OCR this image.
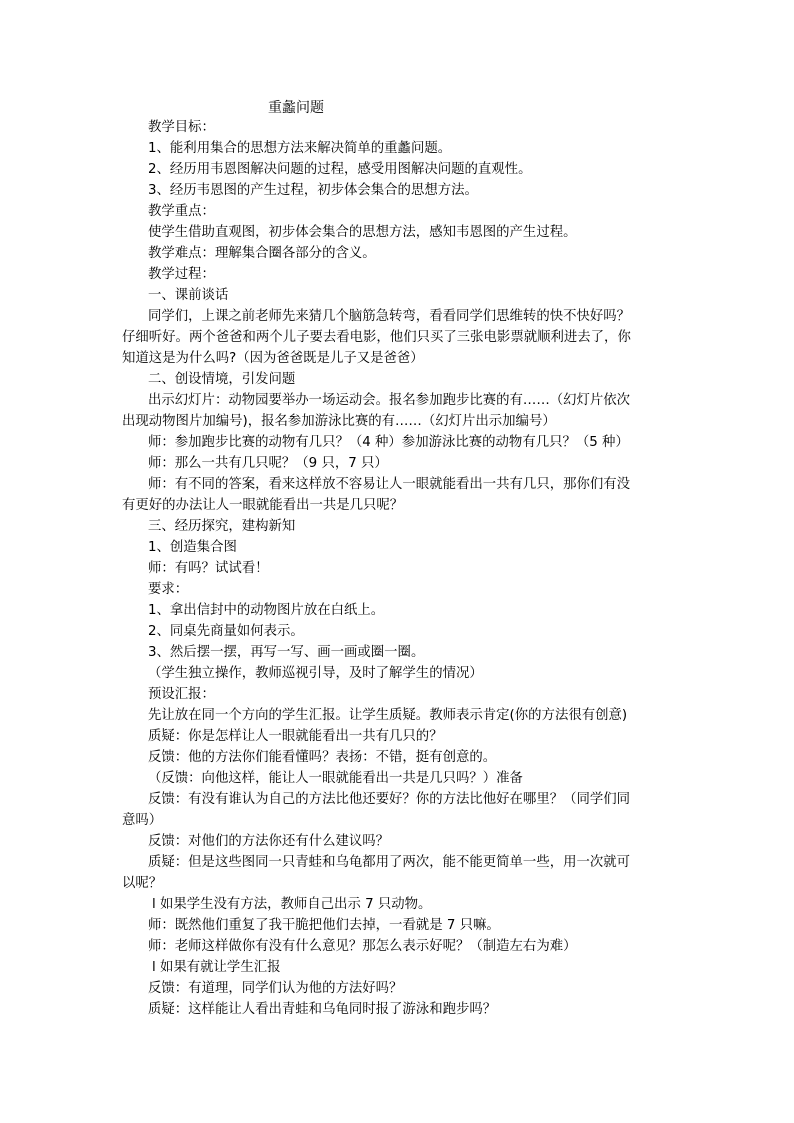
重蠡问题
教学目标：
1、能利用集合的思想方法来解决简单的重蠡问题。
2、经历用韦恩图解决问题的过程，感受用图解决问题的直观性。
3、经历韦恩图的产生过程，初步体会集合的思想方法。
教学重点：
使学生借助直观图，初步体会集合的思想方法，感知韦恩图的产生过程。
教学难点：理解集合圈各部分的含义。
教学过程：
一、课前谈话
同学们，上课之前老师先来猜几个脑筋急转弯，看看同学们思维转的快不快好吗？
仔细听好。两个爸爸和两个儿子要去看电影，他们只买了三张电影票就顺利进去了，你
知道这是为什么吗?（因为爸爸既是儿子又是爸爸）
二、创设情境，引发问题
出示幻灯片：动物园要举办一场运动会。报名参加跑步比赛的有……（幻灯片依次
出现动物图片加编号)，报名参加游泳比赛的有……（幻灯片出示加编号）
师：参加跑步比赛的动物有几只？（4 种）参加游泳比赛的动物有几只？（5 种）
师：那么一共有几只呢？（9 只，7 只）
师：有不同的答案，看来这样放不容易让人一眼就能看出一共有几只，那你们有没
有更好的办法让人一眼就能看出一共是几只呢？
三、经历探究，建构新知
1、创造集合图
师：有吗？试试看！
要求：
1、拿出信封中的动物图片放在白纸上。
2、同桌先商量如何表示。
3、然后摆一摆，再写一写、画一画或圈一圈。
（学生独立操作，教师巡视引导，及时了解学生的情况）
预设汇报：
先让放在同一个方向的学生汇报。让学生质疑。教师表示肯定(你的方法很有创意)
质疑：你是怎样让人一眼就能看出一共有几只的？
反馈：他的方法你们能看懂吗？表扬：不错，挺有创意的。
（反馈：向他这样，能让人一眼就能看出一共是几只吗？）准备
反馈：有没有谁认为自己的方法比他还要好？你的方法比他好在哪里？（同学们同
意吗）
反馈：对他们的方法你还有什么建议吗？
质疑：但是这些图同一只青蛙和乌龟都用了两次，能不能更简单一些，用一次就可
以呢？
l 如果学生没有方法，教师自己出示 7 只动物。
师：既然他们重复了我干脆把他们去掉，一看就是 7 只嘛。
师：老师这样做你有没有什么意见？那怎么表示好呢？（制造左右为难）
l 如果有就让学生汇报
反馈：有道理，同学们认为他的方法好吗？
质疑：这样能让人看出青蛙和乌龟同时报了游泳和跑步吗？
